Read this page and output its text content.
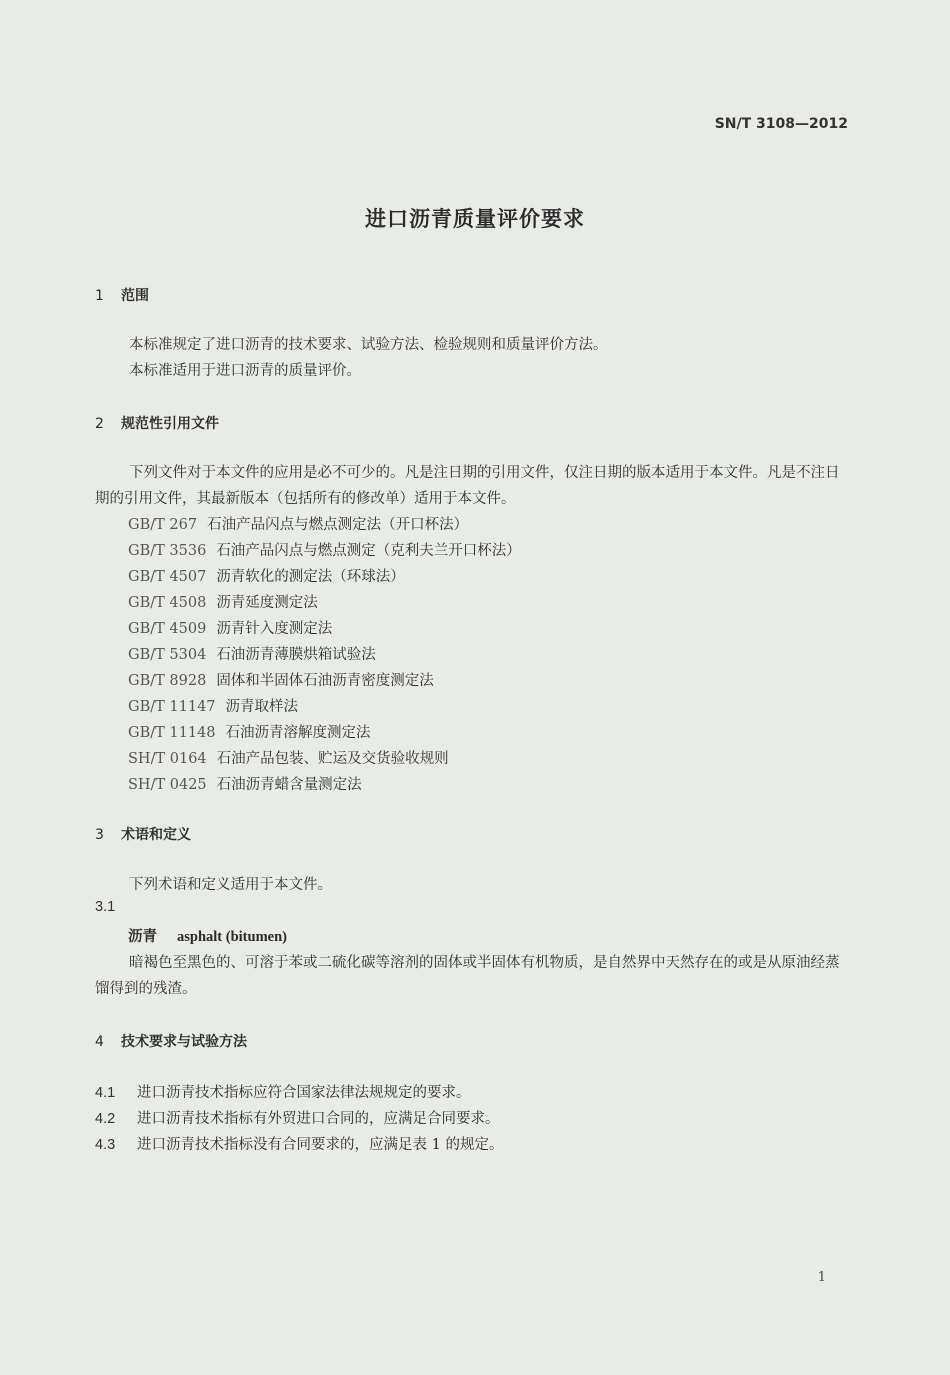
SN/T 3108—2012
进口沥青质量评价要求
1 范围
本标准规定了进口沥青的技术要求、试验方法、检验规则和质量评价方法。
本标准适用于进口沥青的质量评价。
2 规范性引用文件
下列文件对于本文件的应用是必不可少的。凡是注日期的引用文件，仅注日期的版本适用于本文件。凡是不注日期的引用文件，其最新版本（包括所有的修改单）适用于本文件。
GB/T 267 石油产品闪点与燃点测定法（开口杯法）
GB/T 3536 石油产品闪点与燃点测定（克利夫兰开口杯法）
GB/T 4507 沥青软化的测定法（环球法）
GB/T 4508 沥青延度测定法
GB/T 4509 沥青针入度测定法
GB/T 5304 石油沥青薄膜烘箱试验法
GB/T 8928 固体和半固体石油沥青密度测定法
GB/T 11147 沥青取样法
GB/T 11148 石油沥青溶解度测定法
SH/T 0164 石油产品包装、贮运及交货验收规则
SH/T 0425 石油沥青蜡含量测定法
3 术语和定义
下列术语和定义适用于本文件。
3.1
沥青 asphalt (bitumen)
暗褐色至黑色的、可溶于苯或二硫化碳等溶剂的固体或半固体有机物质，是自然界中天然存在的或是从原油经蒸馏得到的残渣。
4 技术要求与试验方法
4.1 进口沥青技术指标应符合国家法律法规规定的要求。
4.2 进口沥青技术指标有外贸进口合同的，应满足合同要求。
4.3 进口沥青技术指标没有合同要求的，应满足表 1 的规定。
1
